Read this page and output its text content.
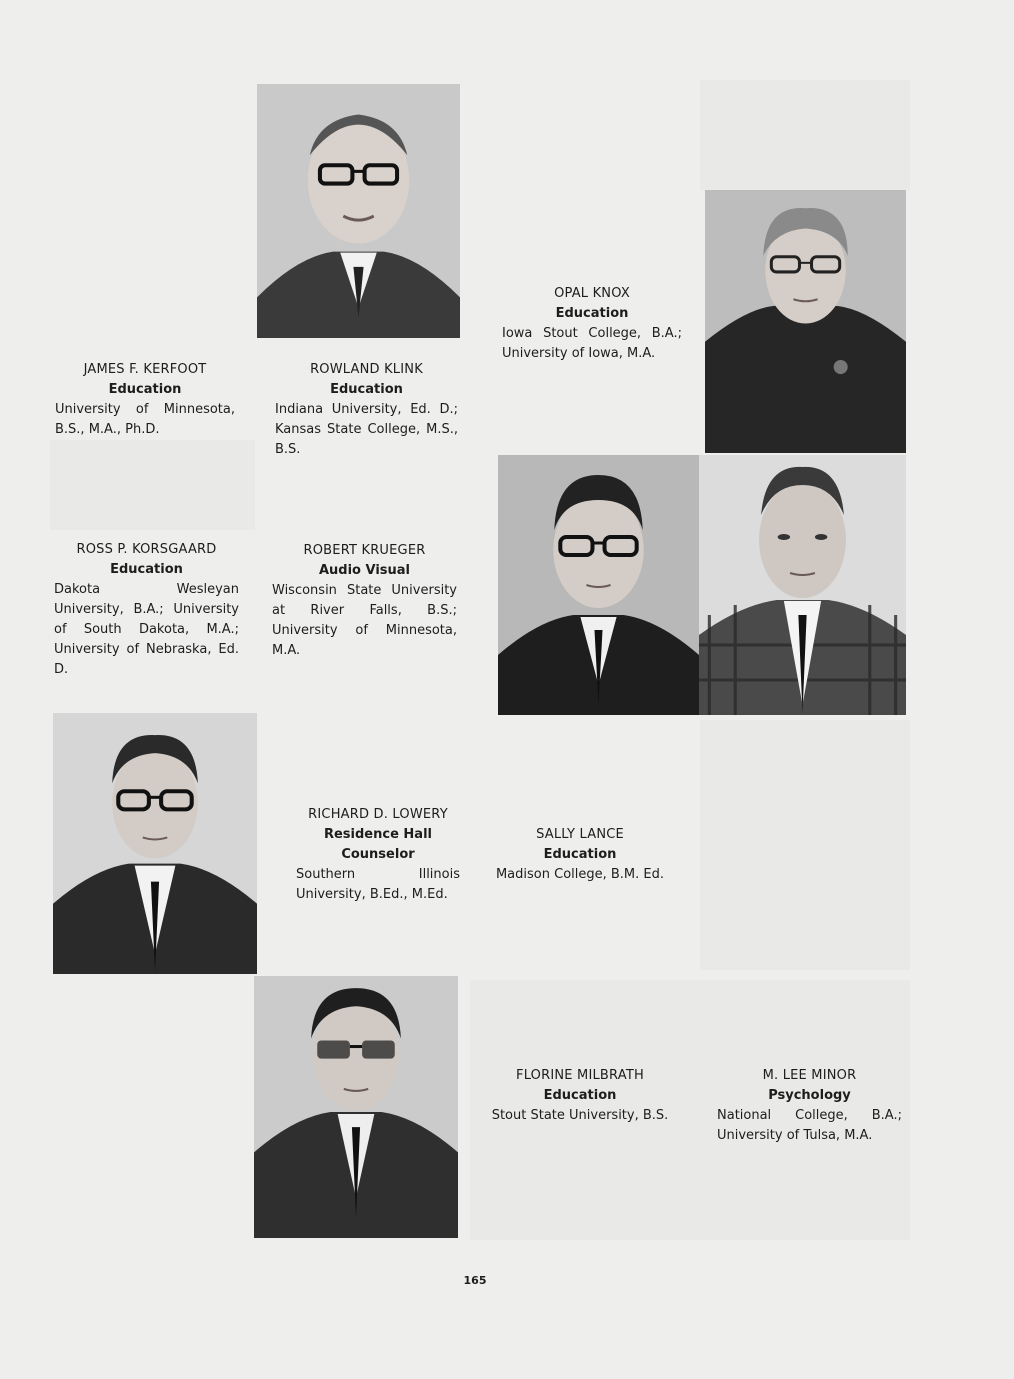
JAMES F. KERFOOT
Education
University of Minnesota, B.S., M.A., Ph.D.
ROWLAND KLINK
Education
Indiana University, Ed. D.; Kansas State College, M.S., B.S.
OPAL KNOX
Education
Iowa Stout College, B.A.; University of Iowa, M.A.
ROSS P. KORSGAARD
Education
Dakota Wesleyan University, B.A.; University of South Dakota, M.A.; University of Nebraska, Ed. D.
ROBERT KRUEGER
Audio Visual
Wisconsin State University at River Falls, B.S.; University of Minnesota, M.A.
RICHARD D. LOWERY
Residence Hall Counselor
Southern Illinois University, B.Ed., M.Ed.
SALLY LANCE
Education
Madison College, B.M. Ed.
FLORINE MILBRATH
Education
Stout State University, B.S.
M. LEE MINOR
Psychology
National College, B.A.; University of Tulsa, M.A.
165
